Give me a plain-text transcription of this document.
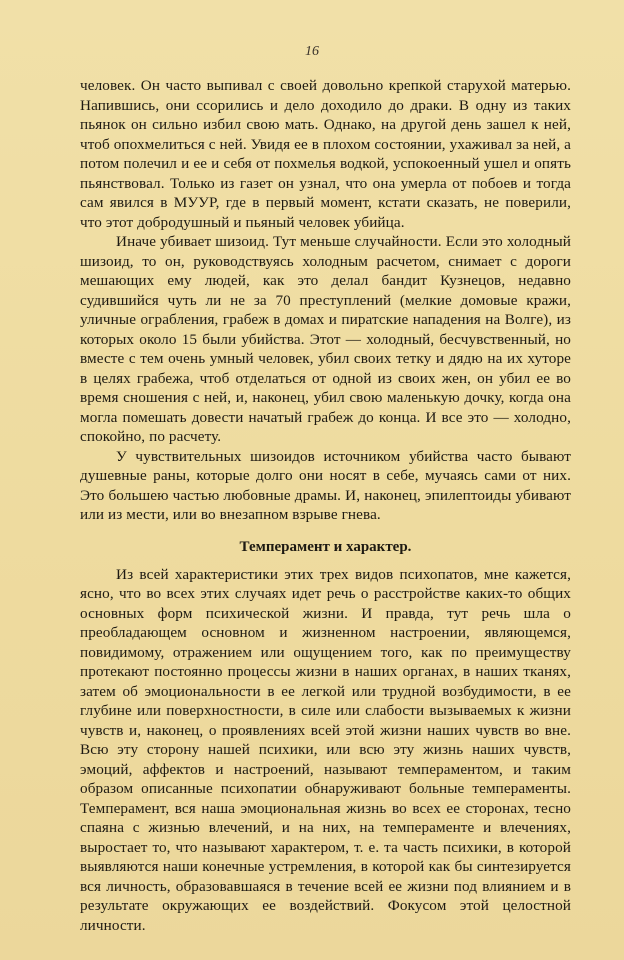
16

человек. Он часто выпивал с своей довольно крепкой старухой матерью. Напившись, они ссорились и дело доходило до драки. В одну из таких пьянок он сильно избил свою мать. Однако, на другой день зашел к ней, чтоб опохмелиться с ней. Увидя ее в плохом состоянии, ухаживал за ней, а потом полечил и ее и себя от похмелья водкой, успокоенный ушел и опять пьянствовал. Только из газет он узнал, что она умерла от побоев и тогда сам явился в МУУР, где в первый момент, кстати сказать, не поверили, что этот добродушный и пьяный человек убийца.

Иначе убивает шизоид. Тут меньше случайности. Если это холодный шизоид, то он, руководствуясь холодным расчетом, снимает с дороги мешающих ему людей, как это делал бандит Кузнецов, недавно судившийся чуть ли не за 70 преступлений (мелкие домовые кражи, уличные ограбления, грабеж в домах и пиратские нападения на Волге), из которых около 15 были убийства. Этот — холодный, бесчувственный, но вместе с тем очень умный человек, убил своих тетку и дядю на их хуторе в целях грабежа, чтоб отделаться от одной из своих жен, он убил ее во время сношения с ней, и, наконец, убил свою маленькую дочку, когда она могла помешать довести начатый грабеж до конца. И все это — холодно, спокойно, по расчету.

У чувствительных шизоидов источником убийства часто бывают душевные раны, которые долго они носят в себе, мучаясь сами от них. Это большею частью любовные драмы. И, наконец, эпилептоиды убивают или из мести, или во внезапном взрыве гнева.

Темперамент и характер.

Из всей характеристики этих трех видов психопатов, мне кажется, ясно, что во всех этих случаях идет речь о расстройстве каких-то общих основных форм психической жизни. И правда, тут речь шла о преобладающем основном и жизненном настроении, являющемся, повидимому, отражением или ощущением того, как по преимуществу протекают постоянно процессы жизни в наших органах, в наших тканях, затем об эмоциональности в ее легкой или трудной возбудимости, в ее глубине или поверхностности, в силе или слабости вызываемых к жизни чувств и, наконец, о проявлениях всей этой жизни наших чувств во вне. Всю эту сторону нашей психики, или всю эту жизнь наших чувств, эмоций, аффектов и настроений, называют темпераментом, и таким образом описанные психопатии обнаруживают больные темпераменты. Темперамент, вся наша эмоциональная жизнь во всех ее сторонах, тесно спаяна с жизнью влечений, и на них, на темпераменте и влечениях, выростает то, что называют характером, т. е. та часть психики, в которой выявляются наши конечные устремления, в которой как бы синтезируется вся личность, образовавшаяся в течение всей ее жизни под влиянием и в результате окружающих ее воздействий. Фокусом этой целостной личности.
